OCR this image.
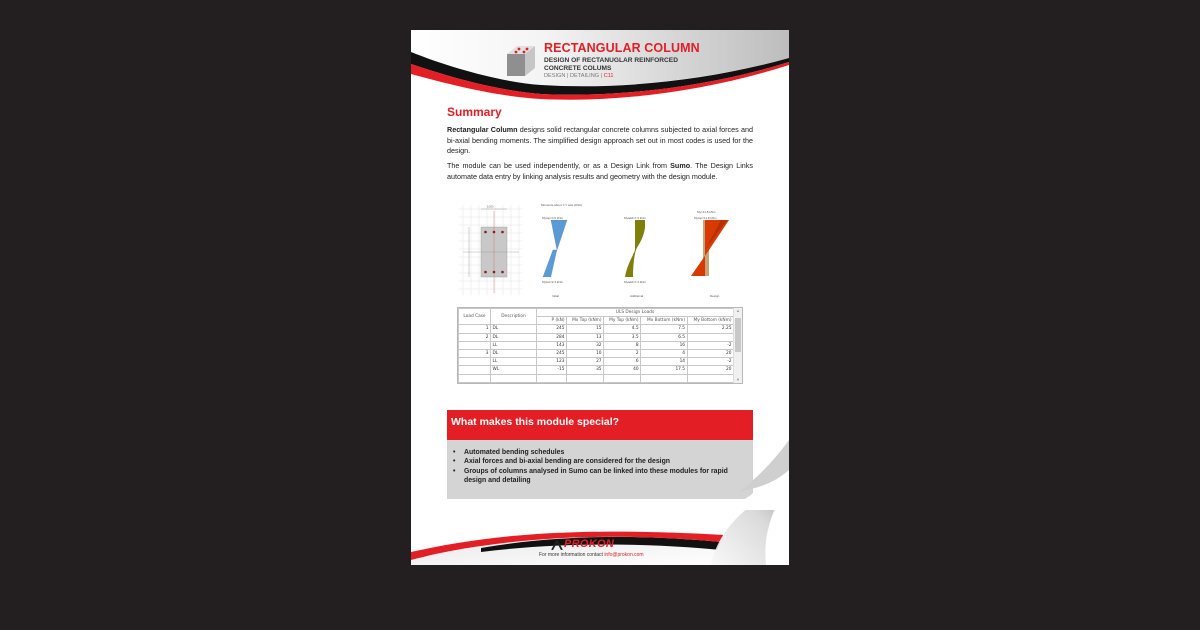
RECTANGULAR COLUMN
DESIGN OF RECTANUGLAR REINFORCED
CONCRETE COLUMS
DESIGN | DETAILING | C11
Summary
Rectangular Column designs solid rectangular concrete columns subjected to axial forces and bi-axial bending moments. The simplified design approach set out in most codes is used for the design.
The module can be used independently, or as a Design Link from Sumo. The Design Links automate data entry by linking analysis results and geometry with the design module.
1/200	Moments about Y-Y axis (kNm)
Mytop=4.5 kNm
Mybot=2.3 kNm
Initial
Myadd=7.3 kNm
Myadd=7.3 kNm
Additional
My=11.8 kNm
Mytop=11.8 kNm
Design
Load Case	Description	ULS Design Loads				
		P (kN)	Mx Top (kNm)	My Top (kNm)	Mx Bottom (kNm)	My Bottom (kNm)
1	DL	245	15	4.5	7.5	2.25
2	DL	284	13	3.5	6.5	
	LL	143	32	8	16	-2
3	DL	245	10	2	4	20
	LL	123	27	6	14	-2
	WL	-15	35	40	17.5	20

▲
▼
What makes this module special?
• Automated bending schedules
• Axial forces and bi-axial bending are considered for the design
• Groups of columns analysed in Sumo can be linked into these modules for rapid design and detailing
PROKON
For more information contact info@prokon.com
